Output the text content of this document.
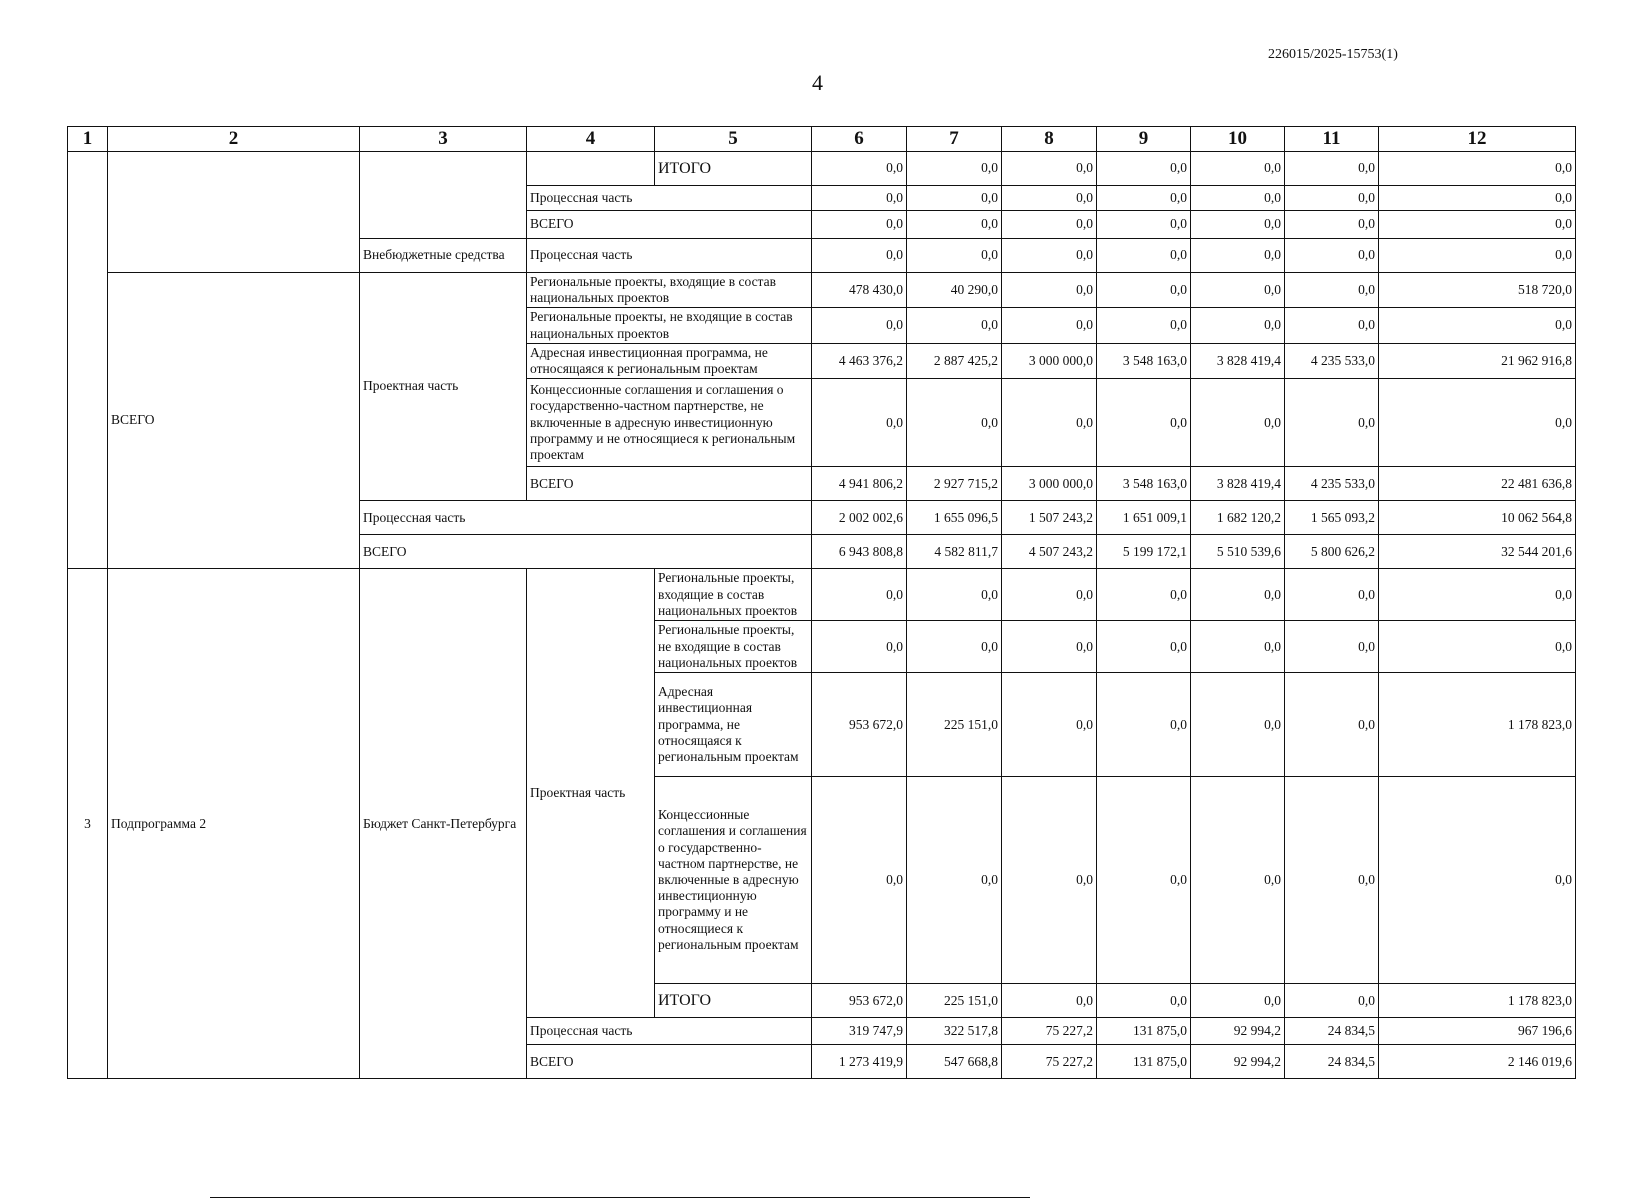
226015/2025-15753(1)
4
1	2	3	4	5	6	7	8	9	10	11	12
				ИТОГО	0,0	0,0	0,0	0,0	0,0	0,0	0,0
			Процессная часть		0,0	0,0	0,0	0,0	0,0	0,0	0,0
			ВСЕГО		0,0	0,0	0,0	0,0	0,0	0,0	0,0
		Внебюджетные средства	Процессная часть		0,0	0,0	0,0	0,0	0,0	0,0	0,0
	ВСЕГО	Проектная часть	Региональные проекты, входящие в состав национальных проектов		478 430,0	40 290,0	0,0	0,0	0,0	0,0	518 720,0
			Региональные проекты, не входящие в состав национальных проектов		0,0	0,0	0,0	0,0	0,0	0,0	0,0
			Адресная инвестиционная программа, не относящаяся к региональным проектам		4 463 376,2	2 887 425,2	3 000 000,0	3 548 163,0	3 828 419,4	4 235 533,0	21 962 916,8
			Концессионные соглашения и соглашения о государственно-частном партнерстве, не включенные в адресную инвестиционную программу и не относящиеся к региональным проектам		0,0	0,0	0,0	0,0	0,0	0,0	0,0
			ВСЕГО		4 941 806,2	2 927 715,2	3 000 000,0	3 548 163,0	3 828 419,4	4 235 533,0	22 481 636,8
		Процессная часть			2 002 002,6	1 655 096,5	1 507 243,2	1 651 009,1	1 682 120,2	1 565 093,2	10 062 564,8
		ВСЕГО			6 943 808,8	4 582 811,7	4 507 243,2	5 199 172,1	5 510 539,6	5 800 626,2	32 544 201,6
3	Подпрограмма 2	Бюджет Санкт-Петербурга	Проектная часть	Региональные проекты, входящие в состав национальных проектов	0,0	0,0	0,0	0,0	0,0	0,0	0,0
				Региональные проекты, не входящие в состав национальных проектов	0,0	0,0	0,0	0,0	0,0	0,0	0,0
				Адресная инвестиционная программа, не относящаяся к региональным проектам	953 672,0	225 151,0	0,0	0,0	0,0	0,0	1 178 823,0
				Концессионные соглашения и соглашения о государственно-частном партнерстве, не включенные в адресную инвестиционную программу и не относящиеся к региональным проектам	0,0	0,0	0,0	0,0	0,0	0,0	0,0
				ИТОГО	953 672,0	225 151,0	0,0	0,0	0,0	0,0	1 178 823,0
			Процессная часть		319 747,9	322 517,8	75 227,2	131 875,0	92 994,2	24 834,5	967 196,6
			ВСЕГО		1 273 419,9	547 668,8	75 227,2	131 875,0	92 994,2	24 834,5	2 146 019,6
